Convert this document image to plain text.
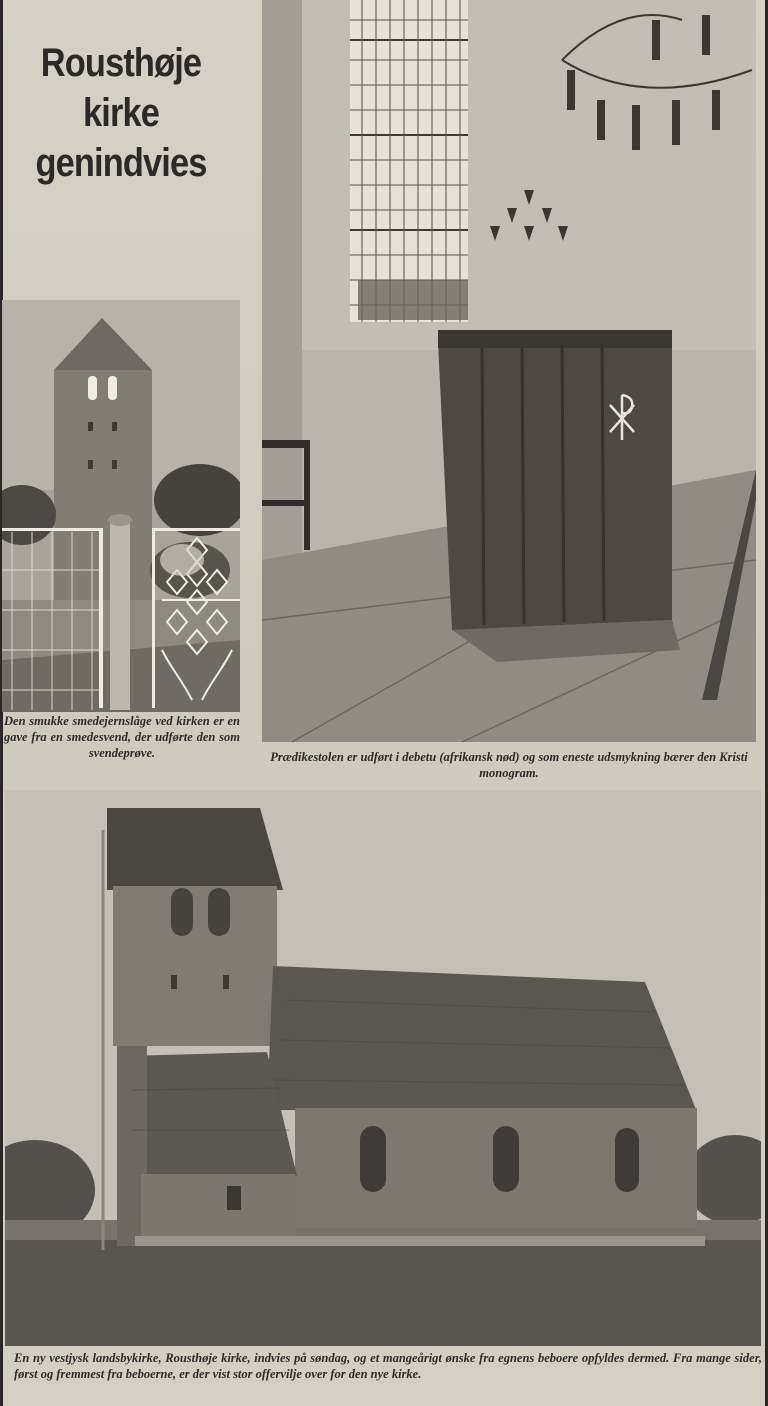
Rousthøje
kirke
genindvies
Den smukke smedejernslåge ved kirken er en gave fra en smedesvend, der udførte den som svendeprøve.	Prædikestolen er udført i debetu (afrikansk nød) og som eneste udsmykning bærer den Kristi monogram.
En ny vestjysk landsbykirke, Rousthøje kirke, indvies på søndag, og et mangeårigt ønske fra egnens beboere opfyldes dermed. Fra mange sider, først og fremmest fra beboerne, er der vist stor offervilje over for den nye kirke.
